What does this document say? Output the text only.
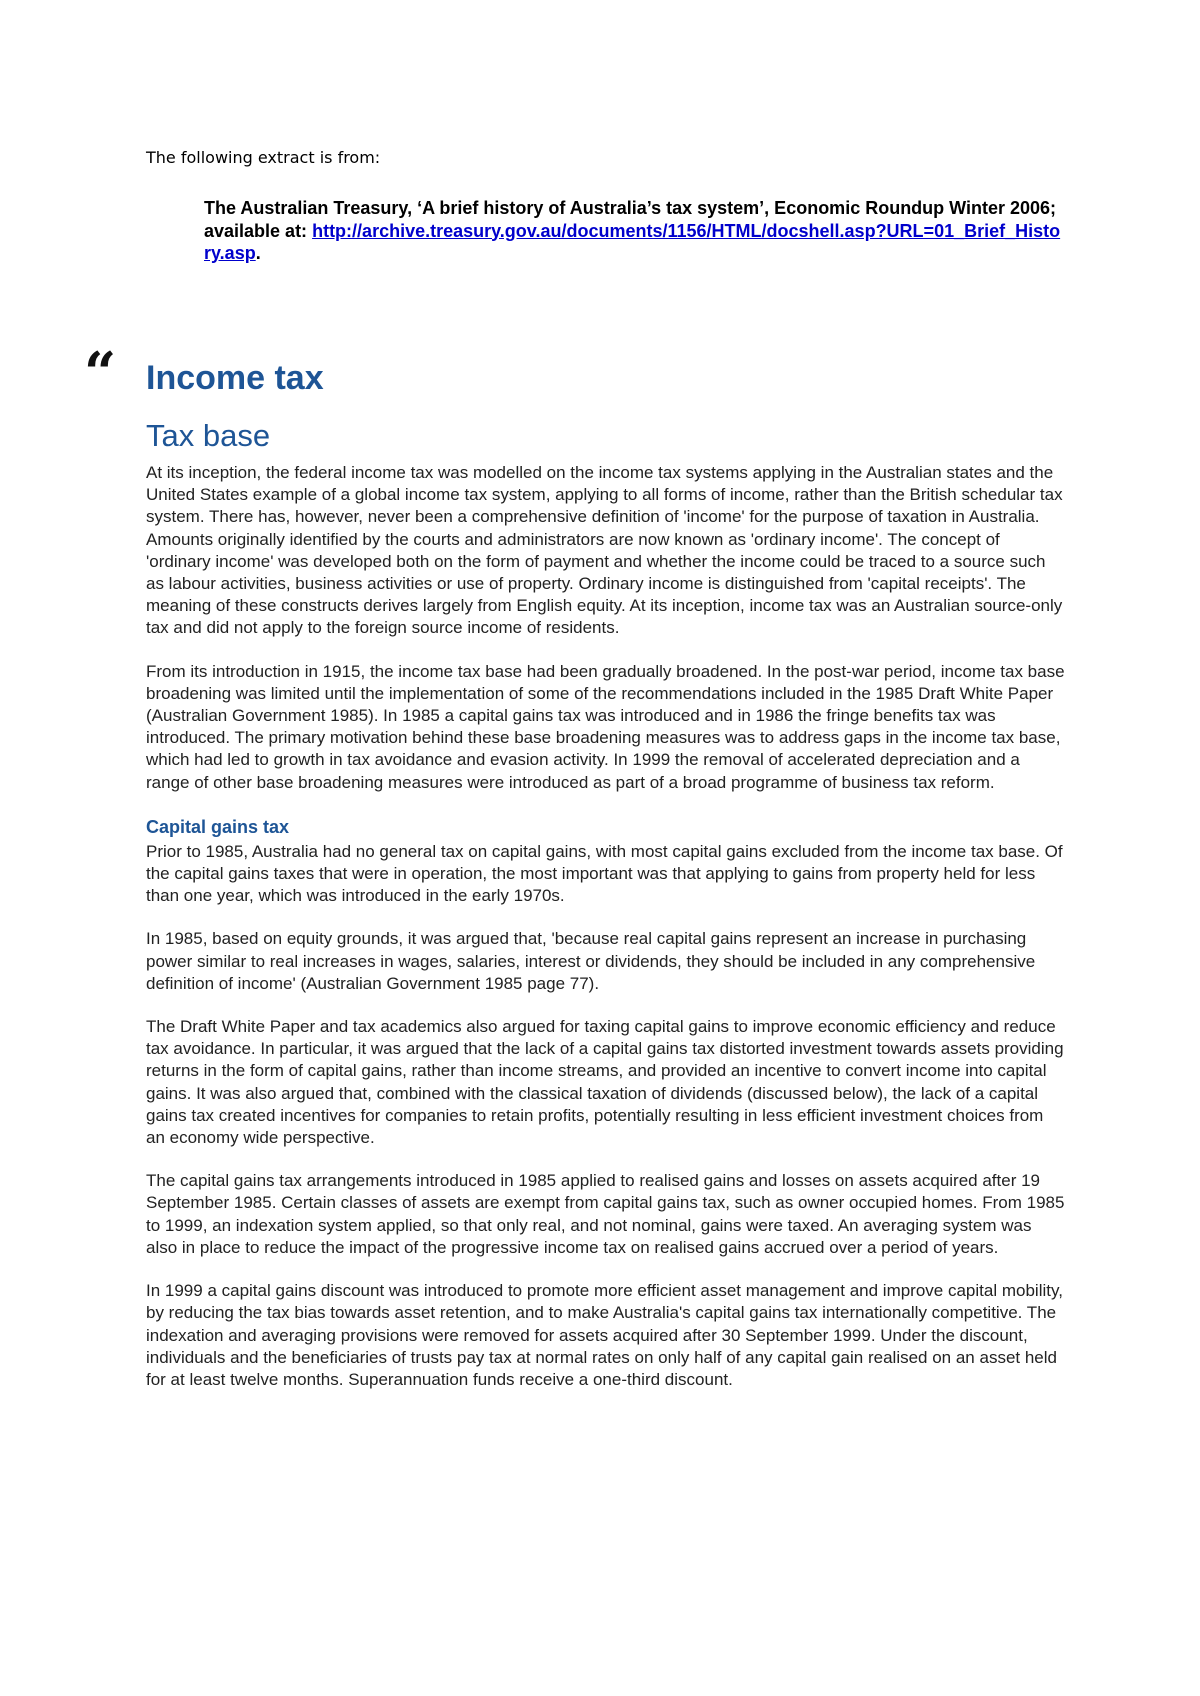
The following extract is from:
The Australian Treasury, ‘A brief history of Australia’s tax system’, Economic Roundup Winter 2006; available at: http://archive.treasury.gov.au/documents/1156/HTML/docshell.asp?URL=01_Brief_History.asp.
“ Income tax
Tax base

At its inception, the federal income tax was modelled on the income tax systems applying in the Australian states and the United States example of a global income tax system, applying to all forms of income, rather than the British schedular tax system. There has, however, never been a comprehensive definition of 'income' for the purpose of taxation in Australia. Amounts originally identified by the courts and administrators are now known as 'ordinary income'. The concept of 'ordinary income' was developed both on the form of payment and whether the income could be traced to a source such as labour activities, business activities or use of property. Ordinary income is distinguished from 'capital receipts'. The meaning of these constructs derives largely from English equity. At its inception, income tax was an Australian source-only tax and did not apply to the foreign source income of residents.

From its introduction in 1915, the income tax base had been gradually broadened. In the post-war period, income tax base broadening was limited until the implementation of some of the recommendations included in the 1985 Draft White Paper (Australian Government 1985). In 1985 a capital gains tax was introduced and in 1986 the fringe benefits tax was introduced. The primary motivation behind these base broadening measures was to address gaps in the income tax base, which had led to growth in tax avoidance and evasion activity. In 1999 the removal of accelerated depreciation and a range of other base broadening measures were introduced as part of a broad programme of business tax reform.

Capital gains tax

Prior to 1985, Australia had no general tax on capital gains, with most capital gains excluded from the income tax base. Of the capital gains taxes that were in operation, the most important was that applying to gains from property held for less than one year, which was introduced in the early 1970s.

In 1985, based on equity grounds, it was argued that, 'because real capital gains represent an increase in purchasing power similar to real increases in wages, salaries, interest or dividends, they should be included in any comprehensive definition of income' (Australian Government 1985 page 77).

The Draft White Paper and tax academics also argued for taxing capital gains to improve economic efficiency and reduce tax avoidance. In particular, it was argued that the lack of a capital gains tax distorted investment towards assets providing returns in the form of capital gains, rather than income streams, and provided an incentive to convert income into capital gains. It was also argued that, combined with the classical taxation of dividends (discussed below), the lack of a capital gains tax created incentives for companies to retain profits, potentially resulting in less efficient investment choices from an economy wide perspective.

The capital gains tax arrangements introduced in 1985 applied to realised gains and losses on assets acquired after 19 September 1985. Certain classes of assets are exempt from capital gains tax, such as owner occupied homes. From 1985 to 1999, an indexation system applied, so that only real, and not nominal, gains were taxed. An averaging system was also in place to reduce the impact of the progressive income tax on realised gains accrued over a period of years.

In 1999 a capital gains discount was introduced to promote more efficient asset management and improve capital mobility, by reducing the tax bias towards asset retention, and to make Australia's capital gains tax internationally competitive. The indexation and averaging provisions were removed for assets acquired after 30 September 1999. Under the discount, individuals and the beneficiaries of trusts pay tax at normal rates on only half of any capital gain realised on an asset held for at least twelve months. Superannuation funds receive a one-third discount.
